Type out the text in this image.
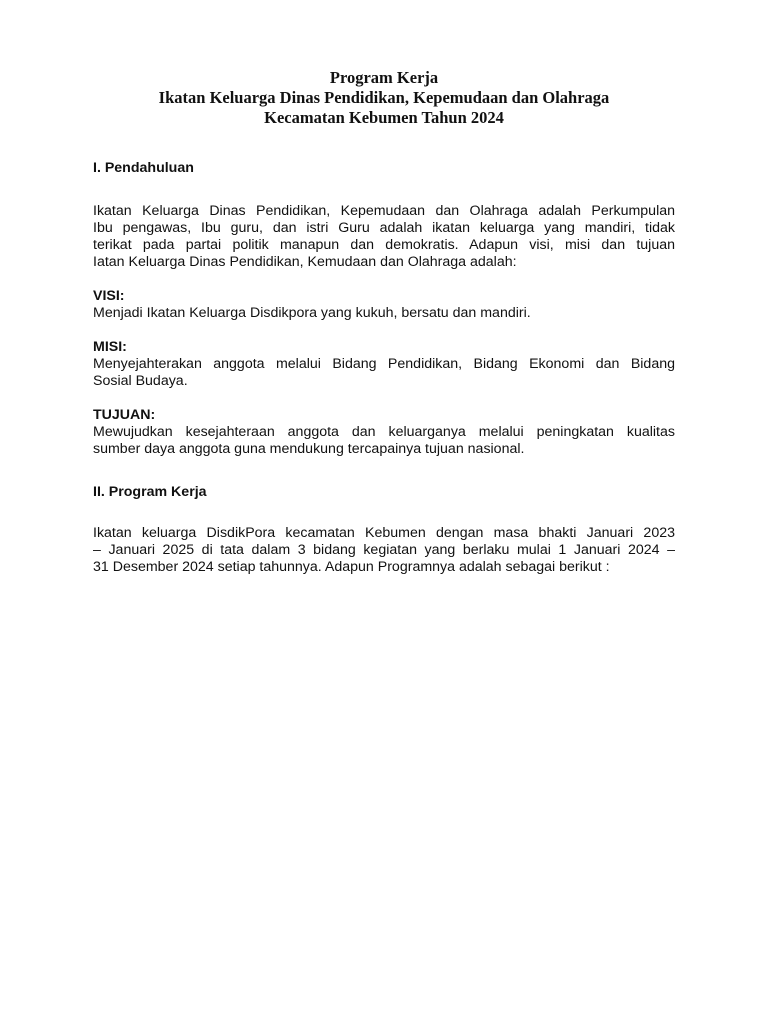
Program Kerja
Ikatan Keluarga Dinas Pendidikan, Kepemudaan dan Olahraga
Kecamatan Kebumen Tahun 2024
I. Pendahuluan

Ikatan Keluarga Dinas Pendidikan, Kepemudaan dan Olahraga adalah Perkumpulan
Ibu pengawas, Ibu guru, dan istri Guru adalah ikatan keluarga yang mandiri, tidak
terikat pada partai politik manapun dan demokratis. Adapun visi, misi dan tujuan
Iatan Keluarga Dinas Pendidikan, Kemudaan dan Olahraga adalah:

VISI:

Menjadi Ikatan Keluarga Disdikpora yang kukuh, bersatu dan mandiri.

MISI:

Menyejahterakan anggota melalui Bidang Pendidikan, Bidang Ekonomi dan Bidang
Sosial Budaya.

TUJUAN:

Mewujudkan kesejahteraan anggota dan keluarganya melalui peningkatan kualitas
sumber daya anggota guna mendukung tercapainya tujuan nasional.

II. Program Kerja

Ikatan keluarga DisdikPora kecamatan Kebumen dengan masa bhakti Januari 2023
– Januari 2025 di tata dalam 3 bidang kegiatan yang berlaku mulai 1 Januari 2024 –
31 Desember 2024 setiap tahunnya. Adapun Programnya adalah sebagai berikut :
